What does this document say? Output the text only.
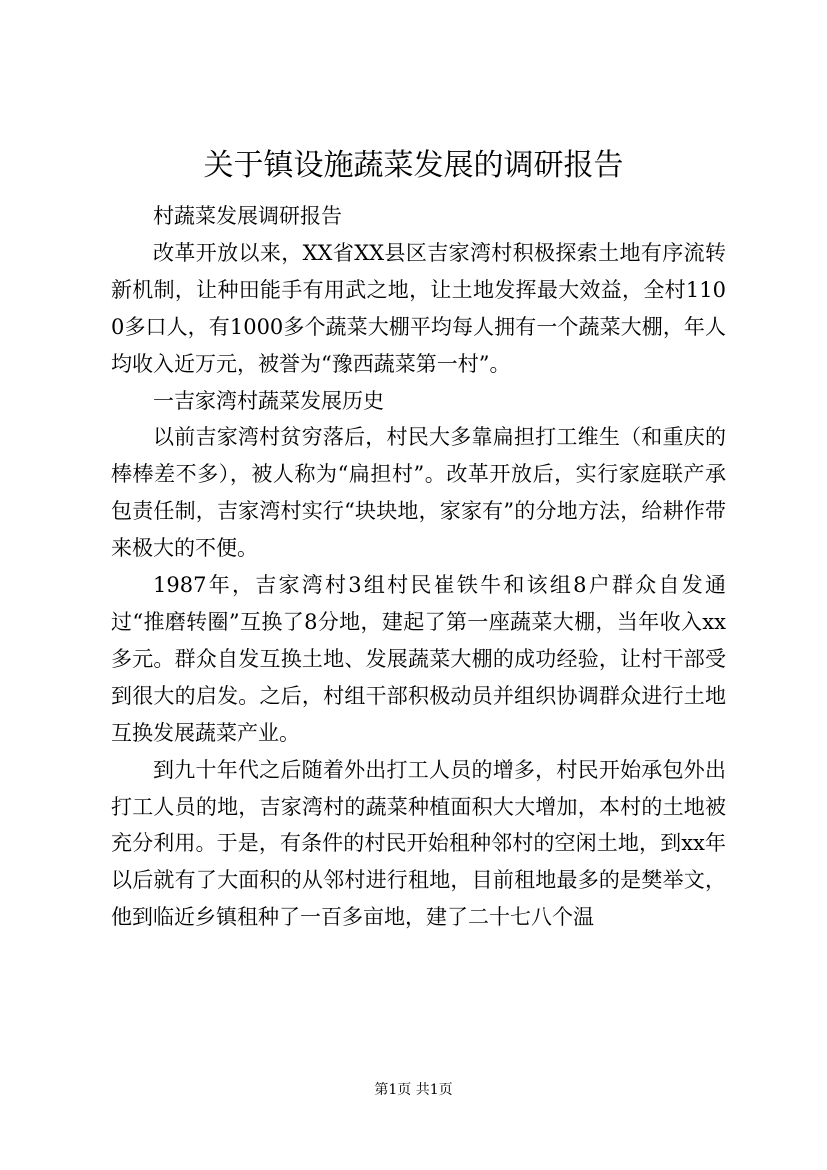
关于镇设施蔬菜发展的调研报告

村蔬菜发展调研报告

改革开放以来，XX省XX县区吉家湾村积极探索土地有序流转新机制，让种田能手有用武之地，让土地发挥最大效益，全村1100多口人，有1000多个蔬菜大棚平均每人拥有一个蔬菜大棚，年人均收入近万元，被誉为“豫西蔬菜第一村”。

一吉家湾村蔬菜发展历史

以前吉家湾村贫穷落后，村民大多靠扁担打工维生（和重庆的棒棒差不多），被人称为“扁担村”。改革开放后，实行家庭联产承包责任制，吉家湾村实行“块块地，家家有”的分地方法，给耕作带来极大的不便。

1987年，吉家湾村3组村民崔铁牛和该组8户群众自发通过“推磨转圈”互换了8分地，建起了第一座蔬菜大棚，当年收入xx多元。群众自发互换土地、发展蔬菜大棚的成功经验，让村干部受到很大的启发。之后，村组干部积极动员并组织协调群众进行土地互换发展蔬菜产业。

到九十年代之后随着外出打工人员的增多，村民开始承包外出打工人员的地，吉家湾村的蔬菜种植面积大大增加，本村的土地被充分利用。于是，有条件的村民开始租种邻村的空闲土地，到xx年以后就有了大面积的从邻村进行租地，目前租地最多的是樊举文，他到临近乡镇租种了一百多亩地，建了二十七八个温

第1页 共1页
